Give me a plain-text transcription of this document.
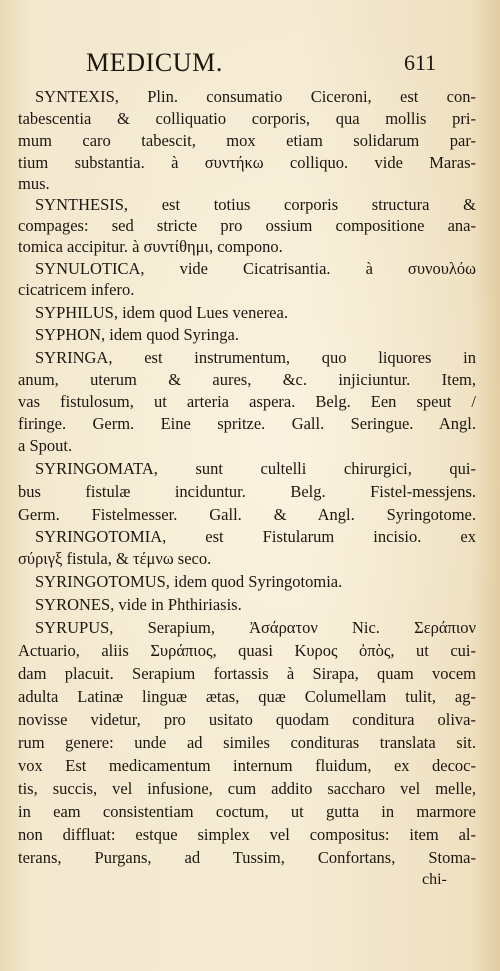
MEDICUM.	611
SYNTEXIS, Plin. consumatio Ciceroni, est con-
tabescentia & colliquatio corporis, qua mollis pri-
mum caro tabescit, mox etiam solidarum par-
tium substantia. à συντήκω colliquo. vide Maras-
mus.
SYNTHESIS, est totius corporis structura &
compages: sed stricte pro ossium compositione ana-
tomica accipitur. à συντίθημι, compono.
SYNULOTICA, vide Cicatrisantia. à συνουλόω
cicatricem infero.
SYPHILUS, idem quod Lues venerea.
SYPHON, idem quod Syringa.
SYRINGA, est instrumentum, quo liquores in
anum, uterum & aures, &c. injiciuntur. Item,
vas fistulosum, ut arteria aspera. Belg. Een speut /
firinge. Germ. Eine spritze. Gall. Seringue. Angl.
a Spout.
SYRINGOMATA, sunt cultelli chirurgici, qui-
bus fistulæ inciduntur. Belg. Fistel-messjens.
Germ. Fistelmesser. Gall. & Angl. Syringotome.
SYRINGOTOMIA, est Fistularum incisio. ex
σύριγξ fistula, & τέμνω seco.
SYRINGOTOMUS, idem quod Syringotomia.
SYRONES, vide in Phthiriasis.
SYRUPUS, Serapium, Ἀσάρατον Nic. Σεράπιον
Actuario, aliis Συράπιος, quasi Κυρος ὀπὸς, ut cui-
dam placuit. Serapium fortassis à Sirapa, quam vocem
adulta Latinæ linguæ ætas, quæ Columellam tulit, ag-
novisse videtur, pro usitato quodam conditura oliva-
rum genere: unde ad similes condituras translata sit.
vox Est medicamentum internum fluidum, ex decoc-
tis, succis, vel infusione, cum addito saccharo vel melle,
in eam consistentiam coctum, ut gutta in marmore
non diffluat: estque simplex vel compositus: item al-
terans, Purgans, ad Tussim, Confortans, Stoma-
chi-
